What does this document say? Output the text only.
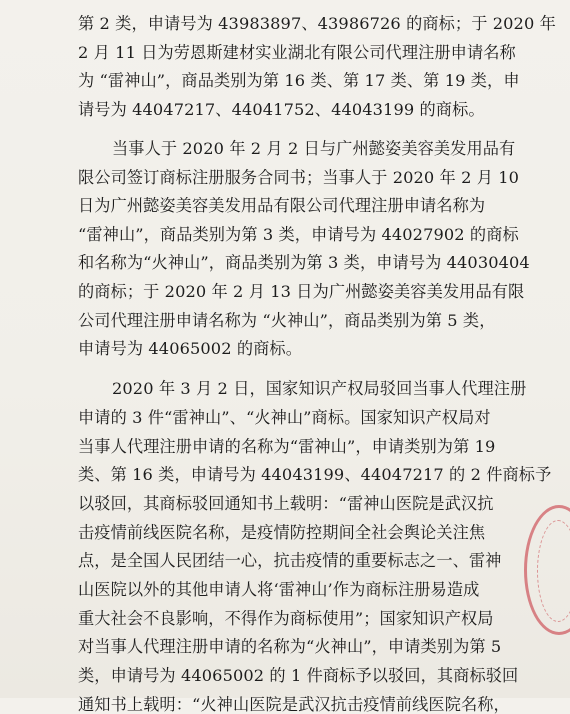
第 2 类，申请号为 43983897、43986726 的商标；于 2020 年
2 月 11 日为劳恩斯建材实业湖北有限公司代理注册申请名称
为 “雷神山”，商品类别为第 16 类、第 17 类、第 19 类，申
请号为 44047217、44041752、44043199 的商标。
当事人于 2020 年 2 月 2 日与广州懿姿美容美发用品有
限公司签订商标注册服务合同书；当事人于 2020 年 2 月 10
日为广州懿姿美容美发用品有限公司代理注册申请名称为
“雷神山”，商品类别为第 3 类，申请号为 44027902 的商标
和名称为“火神山”，商品类别为第 3 类，申请号为 44030404
的商标；于 2020 年 2 月 13 日为广州懿姿美容美发用品有限
公司代理注册申请名称为 “火神山”，商品类别为第 5 类，
申请号为 44065002 的商标。
2020 年 3 月 2 日，国家知识产权局驳回当事人代理注册
申请的 3 件“雷神山”、“火神山”商标。国家知识产权局对
当事人代理注册申请的名称为“雷神山”，申请类别为第 19
类、第 16 类，申请号为 44043199、44047217 的 2 件商标予
以驳回，其商标驳回通知书上载明：“雷神山医院是武汉抗
击疫情前线医院名称，是疫情防控期间全社会舆论关注焦
点，是全国人民团结一心，抗击疫情的重要标志之一、雷神
山医院以外的其他申请人将‘雷神山’作为商标注册易造成
重大社会不良影响，不得作为商标使用”；国家知识产权局
对当事人代理注册申请的名称为“火神山”，申请类别为第 5
类，申请号为 44065002 的 1 件商标予以驳回，其商标驳回
通知书上载明：“火神山医院是武汉抗击疫情前线医院名称，
